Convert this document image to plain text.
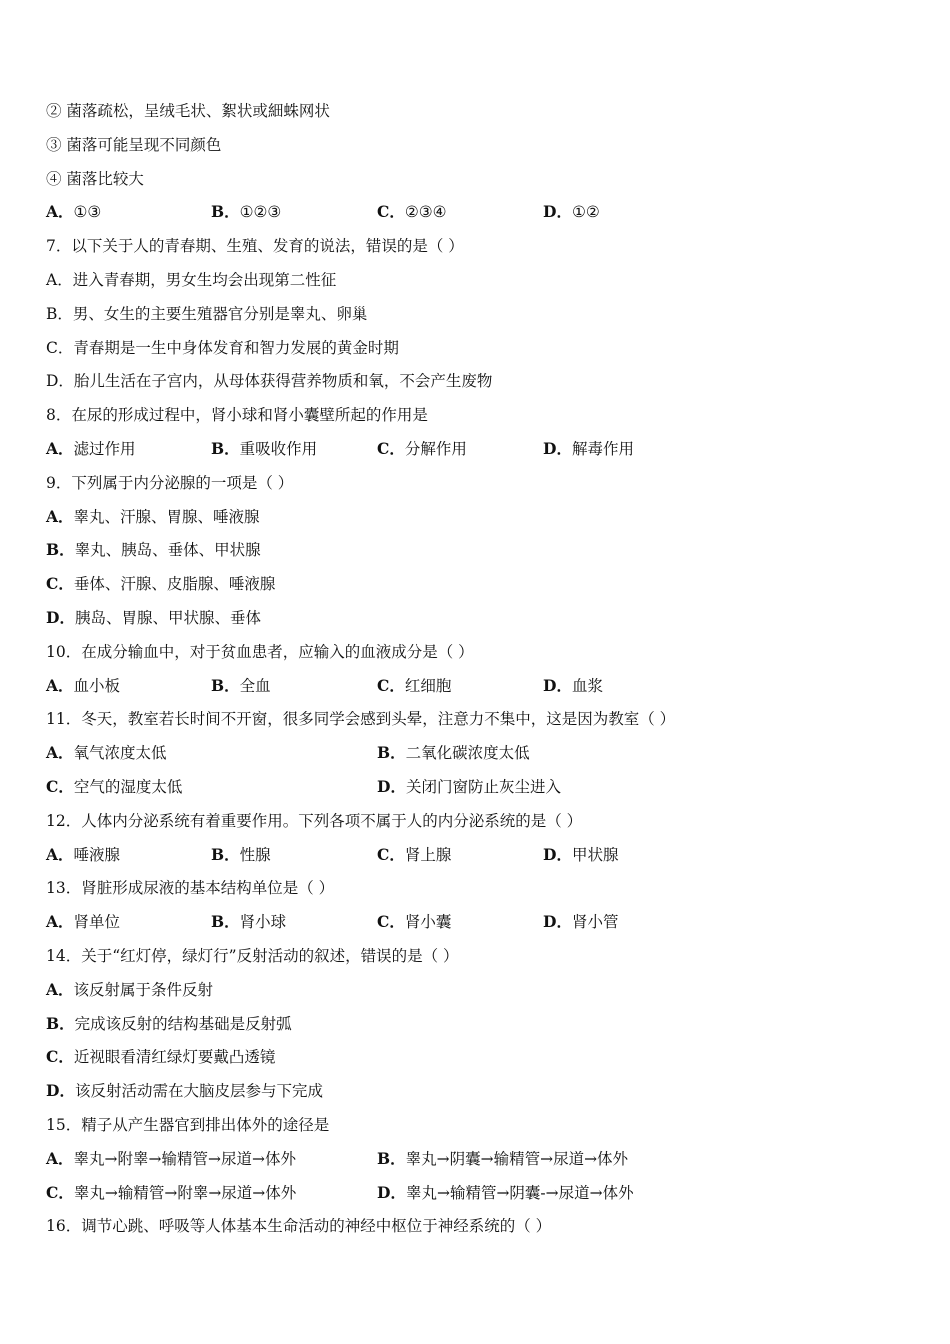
② 菌落疏松，呈绒毛状、絮状或細蛛网状
③ 菌落可能呈现不同颜色
④ 菌落比较大
A．①③	B．①②③	C．②③④	D．①②
7．以下关于人的青春期、生殖、发育的说法，错误的是（ ）
A．进入青春期，男女生均会出现第二性征
B．男、女生的主要生殖器官分别是睾丸、卵巢
C．青春期是一生中身体发育和智力发展的黄金时期
D．胎儿生活在子宫内，从母体获得营养物质和氧，不会产生废物
8．在尿的形成过程中，肾小球和肾小囊壁所起的作用是
A．滤过作用	B．重吸收作用	C．分解作用	D．解毒作用
9．下列属于内分泌腺的一项是（ ）
A．睾丸、汗腺、胃腺、唾液腺
B．睾丸、胰岛、垂体、甲状腺
C．垂体、汗腺、皮脂腺、唾液腺
D．胰岛、胃腺、甲状腺、垂体
10．在成分输血中，对于贫血患者，应输入的血液成分是（ ）
A．血小板	B．全血	C．红细胞	D．血浆
11．冬天，教室若长时间不开窗，很多同学会感到头晕，注意力不集中，这是因为教室（ ）
A．氧气浓度太低	B．二氧化碳浓度太低
C．空气的湿度太低	D．关闭门窗防止灰尘进入
12．人体内分泌系统有着重要作用。下列各项不属于人的内分泌系统的是（ ）
A．唾液腺	B．性腺	C．肾上腺	D．甲状腺
13．肾脏形成尿液的基本结构单位是（ ）
A．肾单位	B．肾小球	C．肾小囊	D．肾小管
14．关于“红灯停，绿灯行”反射活动的叙述，错误的是（ ）
A．该反射属于条件反射
B．完成该反射的结构基础是反射弧
C．近视眼看清红绿灯要戴凸透镜
D．该反射活动需在大脑皮层参与下完成
15．精子从产生器官到排出体外的途径是
A．睾丸→附睾→输精管→尿道→体外	B．睾丸→阴囊→输精管→尿道→体外
C．睾丸→输精管→附睾→尿道→体外	D．睾丸→输精管→阴囊-→尿道→体外
16．调节心跳、呼吸等人体基本生命活动的神经中枢位于神经系统的（ ）
